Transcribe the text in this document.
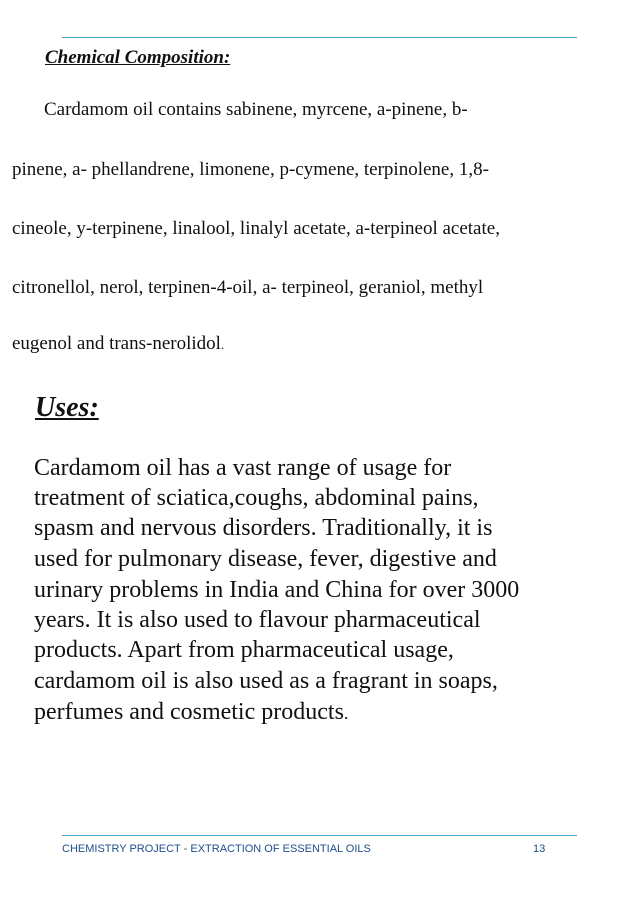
Chemical Composition:

Cardamom oil contains sabinene, myrcene, a-pinene, b-

pinene, a- phellandrene, limonene, p-cymene, terpinolene, 1,8-

cineole, y-terpinene, linalool, linalyl acetate, a-terpineol acetate,

citronellol, nerol, terpinen-4-oil, a- terpineol, geraniol, methyl

eugenol and trans-nerolidol.

Uses:

Cardamom oil has a vast range of usage for

treatment of sciatica,coughs, abdominal pains,

spasm and nervous disorders. Traditionally, it is

used for pulmonary disease, fever, digestive and

urinary problems in India and China for over 3000

years. It is also used to flavour pharmaceutical

products. Apart from pharmaceutical usage,

cardamom oil is also used as a fragrant in soaps,

perfumes and cosmetic products.

CHEMISTRY PROJECT - EXTRACTION OF ESSENTIAL OILS	13
